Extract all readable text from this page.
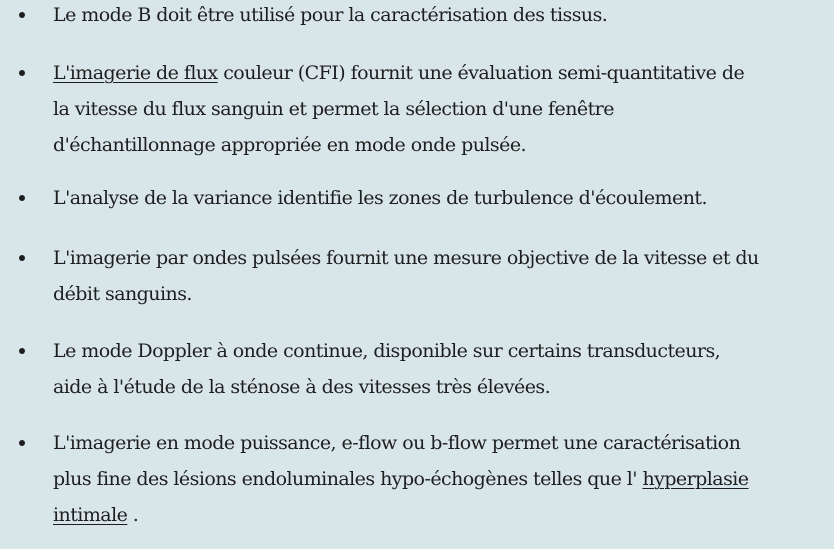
Le mode B doit être utilisé pour la caractérisation des tissus.
L'imagerie de flux couleur (CFI) fournit une évaluation semi-quantitative de
la vitesse du flux sanguin et permet la sélection d'une fenêtre
d'échantillonnage appropriée en mode onde pulsée.
L'analyse de la variance identifie les zones de turbulence d'écoulement.
L'imagerie par ondes pulsées fournit une mesure objective de la vitesse et du
débit sanguins.
Le mode Doppler à onde continue, disponible sur certains transducteurs,
aide à l'étude de la sténose à des vitesses très élevées.
L'imagerie en mode puissance, e-flow ou b-flow permet une caractérisation
plus fine des lésions endoluminales hypo-échogènes telles que l' hyperplasie
intimale .
